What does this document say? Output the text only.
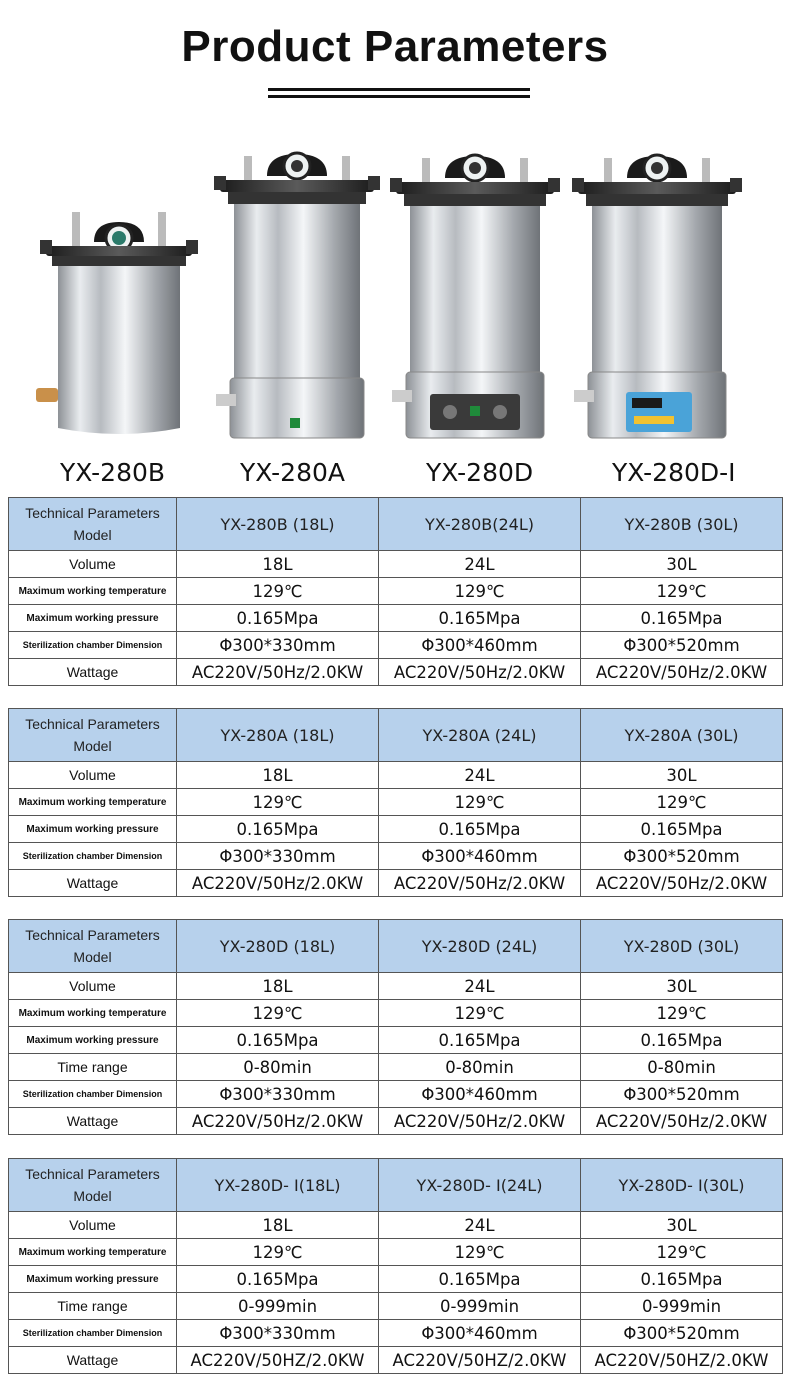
Product Parameters
YX-280B	YX-280A	YX-280D	YX-280D-Ⅰ
Technical Parameters
Model	YX-280B (18L)	YX-280B(24L)	YX-280B (30L)
Volume	18L	24L	30L
Maximum working temperature	129℃	129℃	129℃
Maximum working pressure	0.165Mpa	0.165Mpa	0.165Mpa
Sterilization chamber Dimension	Φ300*330mm	Φ300*460mm	Φ300*520mm
Wattage	AC220V/50Hz/2.0KW	AC220V/50Hz/2.0KW	AC220V/50Hz/2.0KW
Technical Parameters
Model	YX-280A (18L)	YX-280A (24L)	YX-280A (30L)
Volume	18L	24L	30L
Maximum working temperature	129℃	129℃	129℃
Maximum working pressure	0.165Mpa	0.165Mpa	0.165Mpa
Sterilization chamber Dimension	Φ300*330mm	Φ300*460mm	Φ300*520mm
Wattage	AC220V/50Hz/2.0KW	AC220V/50Hz/2.0KW	AC220V/50Hz/2.0KW
Technical Parameters
Model	YX-280D (18L)	YX-280D (24L)	YX-280D (30L)
Volume	18L	24L	30L
Maximum working temperature	129℃	129℃	129℃
Maximum working pressure	0.165Mpa	0.165Mpa	0.165Mpa
Time range	0-80min	0-80min	0-80min
Sterilization chamber Dimension	Φ300*330mm	Φ300*460mm	Φ300*520mm
Wattage	AC220V/50Hz/2.0KW	AC220V/50Hz/2.0KW	AC220V/50Hz/2.0KW
Technical Parameters
Model	YX-280D- Ⅰ(18L)	YX-280D- Ⅰ(24L)	YX-280D- Ⅰ(30L)
Volume	18L	24L	30L
Maximum working temperature	129℃	129℃	129℃
Maximum working pressure	0.165Mpa	0.165Mpa	0.165Mpa
Time range	0-999min	0-999min	0-999min
Sterilization chamber Dimension	Φ300*330mm	Φ300*460mm	Φ300*520mm
Wattage	AC220V/50HZ/2.0KW	AC220V/50HZ/2.0KW	AC220V/50HZ/2.0KW
